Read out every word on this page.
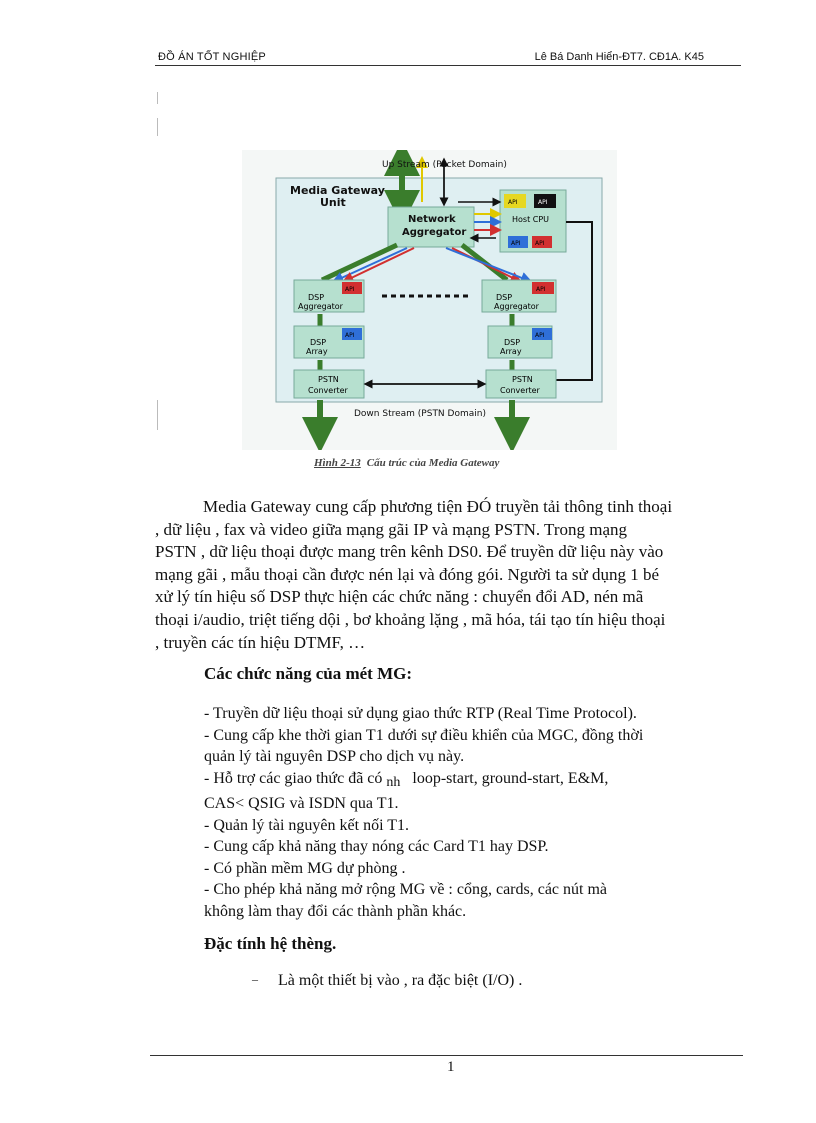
ĐỒ ÁN TỐT NGHIỆP	Lê Bá Danh Hiển-ĐT7. CĐ1A. K45
Up Stream (Packet Domain)
Media Gateway
Unit
Network
Aggregator
API	API
Host CPU
API API
API
DSP
Aggregator
API
DSP
Array
PSTN
Converter
API
DSP
Aggregator
API
DSP
Array
PSTN
Converter
Down Stream (PSTN Domain)
Hình 2-13 Cấu trúc của Media Gateway
Media Gateway cung cấp phương tiện ĐÓ truyền tải thông tinh thoại
, dữ liệu , fax và video giữa mạng gãi IP và mạng PSTN. Trong mạng
PSTN , dữ liệu thoại được mang trên kênh DS0. Để truyền dữ liệu này vào
mạng gãi , mẫu thoại cần được nén lại và đóng gói. Người ta sử dụng 1 bé
xử lý tín hiệu số DSP thực hiện các chức năng : chuyển đổi AD, nén mã
thoại i/audio, triệt tiếng dội , bơ khoảng lặng , mã hóa, tái tạo tín hiệu thoại
, truyền các tín hiệu DTMF, …
Các chức năng của mét MG:
- Truyền dữ liệu thoại sử dụng giao thức RTP (Real Time Protocol).
- Cung cấp khe thời gian T1 dưới sự điều khiển của MGC, đồng thời
quản lý tài nguyên DSP cho dịch vụ này.
- Hỗ trợ các giao thức đã có nh loop-start, ground-start, E&M,
CAS< QSIG và ISDN qua T1.
- Quản lý tài nguyên kết nối T1.
- Cung cấp khả năng thay nóng các Card T1 hay DSP.
- Có phần mềm MG dự phòng .
- Cho phép khả năng mở rộng MG về : cổng, cards, các nút mà
không làm thay đổi các thành phần khác.
Đặc tính hệ thèng.
– Là một thiết bị vào , ra đặc biệt (I/O) .
1
